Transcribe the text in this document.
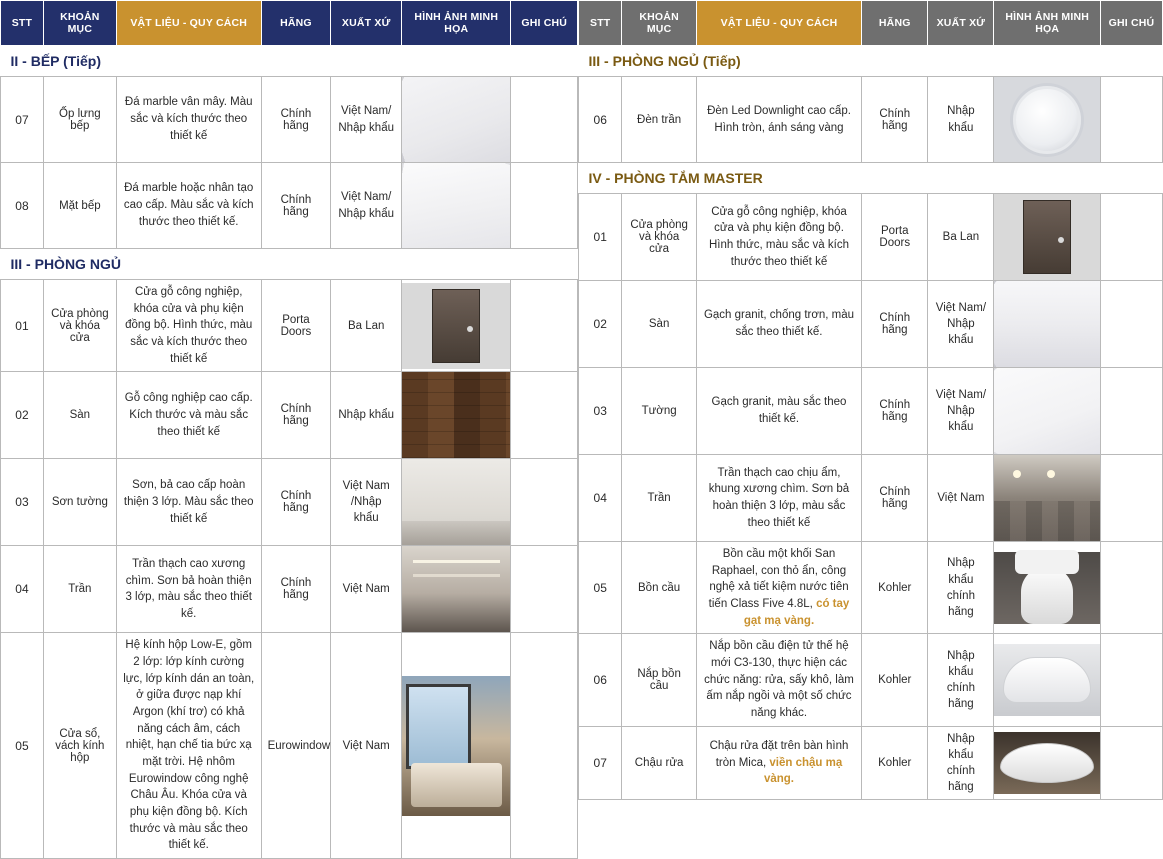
STT	KHOẢN MỤC	VẬT LIỆU - QUY CÁCH	HÃNG	XUẤT XỨ	HÌNH ẢNH MINH HỌA	GHI CHÚ
II - BẾP (Tiếp)						
07	Ốp lưng bếp	Đá marble vân mây. Màu sắc và kích thước theo thiết kế	Chính hãng	Việt Nam/ Nhập khẩu	

08	Mặt bếp	Đá marble hoặc nhân tạo cao cấp. Màu sắc và kích thước theo thiết kế.	Chính hãng	Việt Nam/ Nhập khẩu	

III - PHÒNG NGỦ						
01	Cửa phòng và khóa cửa	Cửa gỗ công nghiệp, khóa cửa và phụ kiện đồng bộ. Hình thức, màu sắc và kích thước theo thiết kế	Porta Doors	Ba Lan	

02	Sàn	Gỗ công nghiệp cao cấp. Kích thước và màu sắc theo thiết kế	Chính hãng	Nhập khẩu	

03	Sơn tường	Sơn, bả cao cấp hoàn thiện 3 lớp. Màu sắc theo thiết kế	Chính hãng	Việt Nam /Nhập khẩu	

04	Trần	Trần thạch cao xương chìm. Sơn bả hoàn thiện 3 lớp, màu sắc theo thiết kế.	Chính hãng	Việt Nam	

05	Cửa sổ, vách kính hộp	Hệ kính hộp Low-E, gồm 2 lớp: lớp kính cường lực, lớp kính dán an toàn, ở giữa được nạp khí Argon (khí trơ) có khả năng cách âm, cách nhiệt, hạn chế tia bức xạ mặt trời. Hệ nhôm Eurowindow công nghệ Châu Âu. Khóa cửa và phụ kiện đồng bộ. Kích thước và màu sắc theo thiết kế.	Eurowindow	Việt Nam	

STT	KHOẢN MỤC	VẬT LIỆU - QUY CÁCH	HÃNG	XUẤT XỨ	HÌNH ẢNH MINH HỌA	GHI CHÚ
III - PHÒNG NGỦ (Tiếp)						
06	Đèn trần	Đèn Led Downlight cao cấp. Hình tròn, ánh sáng vàng	Chính hãng	Nhập khẩu	

IV - PHÒNG TẮM MASTER						
01	Cửa phòng và khóa cửa	Cửa gỗ công nghiệp, khóa cửa và phụ kiện đồng bộ. Hình thức, màu sắc và kích thước theo thiết kế	Porta Doors	Ba Lan	

02	Sàn	Gạch granit, chống trơn, màu sắc theo thiết kế.	Chính hãng	Việt Nam/ Nhập khẩu	

03	Tường	Gạch granit, màu sắc theo thiết kế.	Chính hãng	Việt Nam/ Nhập khẩu	

04	Trần	Trần thạch cao chịu ẩm, khung xương chìm. Sơn bả hoàn thiện 3 lớp, màu sắc theo thiết kế	Chính hãng	Việt Nam	

05	Bồn cầu	Bồn cầu một khối San Raphael, con thỏ ẩn, công nghệ xả tiết kiệm nước tiên tiến Class Five 4.8L, có tay gạt mạ vàng.	Kohler	Nhập khẩu chính hãng	

06	Nắp bồn cầu	Nắp bồn cầu điện tử thế hệ mới C3-130, thực hiện các chức năng: rửa, sấy khô, làm ấm nắp ngồi và một số chức năng khác.	Kohler	Nhập khẩu chính hãng	

07	Chậu rửa	Chậu rửa đặt trên bàn hình tròn Mica, viền chậu mạ vàng.	Kohler	Nhập khẩu chính hãng	
